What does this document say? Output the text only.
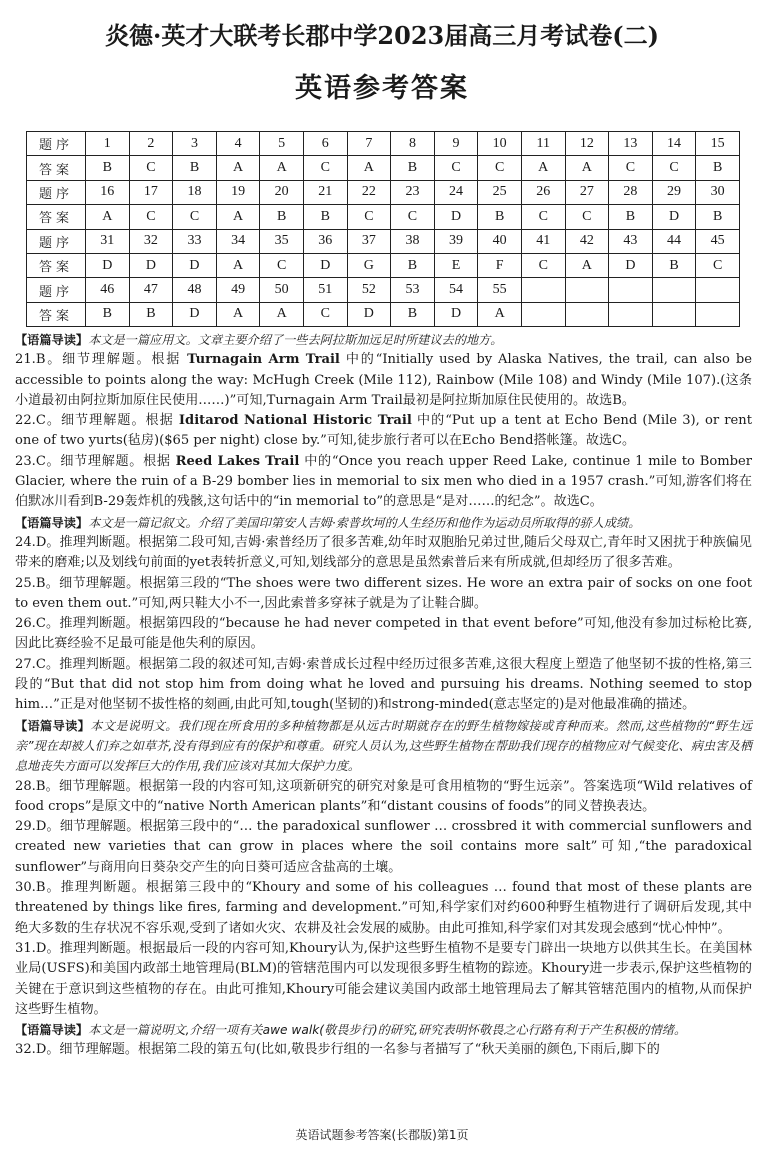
炎德·英才大联考长郡中学2023届高三月考试卷(二)
英语参考答案
题序	1	2	3	4	5	6	7	8	9	10	11	12	13	14	15
答案	B	C	B	A	A	C	A	B	C	C	A	A	C	C	B
题序	16	17	18	19	20	21	22	23	24	25	26	27	28	29	30
答案	A	C	C	A	B	B	C	C	D	B	C	C	B	D	B
题序	31	32	33	34	35	36	37	38	39	40	41	42	43	44	45
答案	D	D	D	A	C	D	G	B	E	F	C	A	D	B	C
题序	46	47	48	49	50	51	52	53	54	55					
答案	B	B	D	A	A	C	D	B	D	A					

【语篇导读】本文是一篇应用文。文章主要介绍了一些去阿拉斯加远足时所建议去的地方。

21.B。细节理解题。根据 Turnagain Arm Trail 中的“Initially used by Alaska Natives, the trail, can also be accessible to points along the way: McHugh Creek (Mile 112), Rainbow (Mile 108) and Windy (Mile 107).(这条小道最初由阿拉斯加原住民使用……)”可知,Turnagain Arm Trail最初是阿拉斯加原住民使用的。故选B。

22.C。细节理解题。根据 Iditarod National Historic Trail 中的“Put up a tent at Echo Bend (Mile 3), or rent one of two yurts(毡房)($65 per night) close by.”可知,徒步旅行者可以在Echo Bend搭帐篷。故选C。

23.C。细节理解题。根据 Reed Lakes Trail 中的“Once you reach upper Reed Lake, continue 1 mile to Bomber Glacier, where the ruin of a B-29 bomber lies in memorial to six men who died in a 1957 crash.”可知,游客们将在伯默冰川看到B-29轰炸机的残骸,这句话中的“in memorial to”的意思是“是对……的纪念”。故选C。

【语篇导读】本文是一篇记叙文。介绍了美国印第安人吉姆·索普坎坷的人生经历和他作为运动员所取得的骄人成绩。

24.D。推理判断题。根据第二段可知,吉姆·索普经历了很多苦难,幼年时双胞胎兄弟过世,随后父母双亡,青年时又困扰于种族偏见带来的磨难;以及划线句前面的yet表转折意义,可知,划线部分的意思是虽然索普后来有所成就,但却经历了很多苦难。

25.B。细节理解题。根据第三段的“The shoes were two different sizes. He wore an extra pair of socks on one foot to even them out.”可知,两只鞋大小不一,因此索普多穿袜子就是为了让鞋合脚。

26.C。推理判断题。根据第四段的“because he had never competed in that event before”可知,他没有参加过标枪比赛,因此比赛经验不足最可能是他失利的原因。

27.C。推理判断题。根据第二段的叙述可知,吉姆·索普成长过程中经历过很多苦难,这很大程度上塑造了他坚韧不拔的性格,第三段的“But that did not stop him from doing what he loved and pursuing his dreams. Nothing seemed to stop him…”正是对他坚韧不拔性格的刻画,由此可知,tough(坚韧的)和strong-minded(意志坚定的)是对他最准确的描述。

【语篇导读】本文是说明文。我们现在所食用的多种植物都是从远古时期就存在的野生植物嫁接或育种而来。然而,这些植物的“野生远亲”现在却被人们弃之如草芥,没有得到应有的保护和尊重。研究人员认为,这些野生植物在帮助我们现存的植物应对气候变化、病虫害及栖息地丧失方面可以发挥巨大的作用,我们应该对其加大保护力度。

28.B。细节理解题。根据第一段的内容可知,这项新研究的研究对象是可食用植物的“野生远亲”。答案选项“Wild relatives of food crops”是原文中的“native North American plants”和“distant cousins of foods”的同义替换表达。

29.D。细节理解题。根据第三段中的“… the paradoxical sunflower … crossbred it with commercial sunflowers and created new varieties that can grow in places where the soil contains more salt”可知,“the paradoxical sunflower”与商用向日葵杂交产生的向日葵可适应含盐高的土壤。

30.B。推理判断题。根据第三段中的“Khoury and some of his colleagues … found that most of these plants are threatened by things like fires, farming and development.”可知,科学家们对约600种野生植物进行了调研后发现,其中绝大多数的生存状况不容乐观,受到了诸如火灾、农耕及社会发展的威胁。由此可推知,科学家们对其发现会感到“忧心忡忡”。

31.D。推理判断题。根据最后一段的内容可知,Khoury认为,保护这些野生植物不是要专门辟出一块地方以供其生长。在美国林业局(USFS)和美国内政部土地管理局(BLM)的管辖范围内可以发现很多野生植物的踪迹。Khoury进一步表示,保护这些植物的关键在于意识到这些植物的存在。由此可推知,Khoury可能会建议美国内政部土地管理局去了解其管辖范围内的植物,从而保护这些野生植物。

【语篇导读】本文是一篇说明文,介绍一项有关awe walk(敬畏步行)的研究,研究表明怀敬畏之心行路有利于产生积极的情绪。

32.D。细节理解题。根据第二段的第五句(比如,敬畏步行组的一名参与者描写了“秋天美丽的颜色,下雨后,脚下的

英语试题参考答案(长郡版)第1页
